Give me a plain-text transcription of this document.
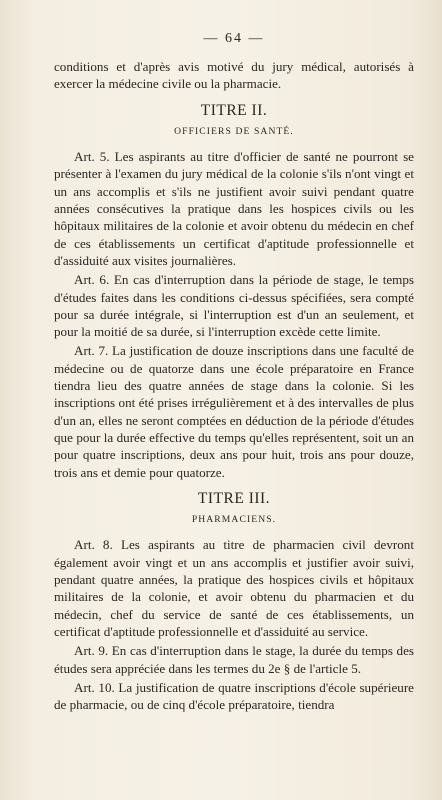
— 64 —

conditions et d'après avis motivé du jury médical, autorisés à exercer la médecine civile ou la pharmacie.

TITRE II.
OFFICIERS DE SANTÉ.

Art. 5. Les aspirants au titre d'officier de santé ne pourront se présenter à l'examen du jury médical de la colonie s'ils n'ont vingt et un ans accomplis et s'ils ne justifient avoir suivi pendant quatre années consécutives la pratique dans les hospices civils ou les hôpitaux militaires de la colonie et avoir obtenu du médecin en chef de ces établissements un certificat d'aptitude professionnelle et d'assiduité aux visites journalières.

Art. 6. En cas d'interruption dans la période de stage, le temps d'études faites dans les conditions ci-dessus spécifiées, sera compté pour sa durée intégrale, si l'interruption est d'un an seulement, et pour la moitié de sa durée, si l'interruption excède cette limite.

Art. 7. La justification de douze inscriptions dans une faculté de médecine ou de quatorze dans une école préparatoire en France tiendra lieu des quatre années de stage dans la colonie. Si les inscriptions ont été prises irrégulièrement et à des intervalles de plus d'un an, elles ne seront comptées en déduction de la période d'études que pour la durée effective du temps qu'elles représentent, soit un an pour quatre inscriptions, deux ans pour huit, trois ans pour douze, trois ans et demie pour quatorze.

TITRE III.
PHARMACIENS.

Art. 8. Les aspirants au titre de pharmacien civil devront également avoir vingt et un ans accomplis et justifier avoir suivi, pendant quatre années, la pratique des hospices civils et hôpitaux militaires de la colonie, et avoir obtenu du pharmacien et du médecin, chef du service de santé de ces établissements, un certificat d'aptitude professionnelle et d'assiduité au service.

Art. 9. En cas d'interruption dans le stage, la durée du temps des études sera appréciée dans les termes du 2e § de l'article 5.

Art. 10. La justification de quatre inscriptions d'école supérieure de pharmacie, ou de cinq d'école préparatoire, tiendra
